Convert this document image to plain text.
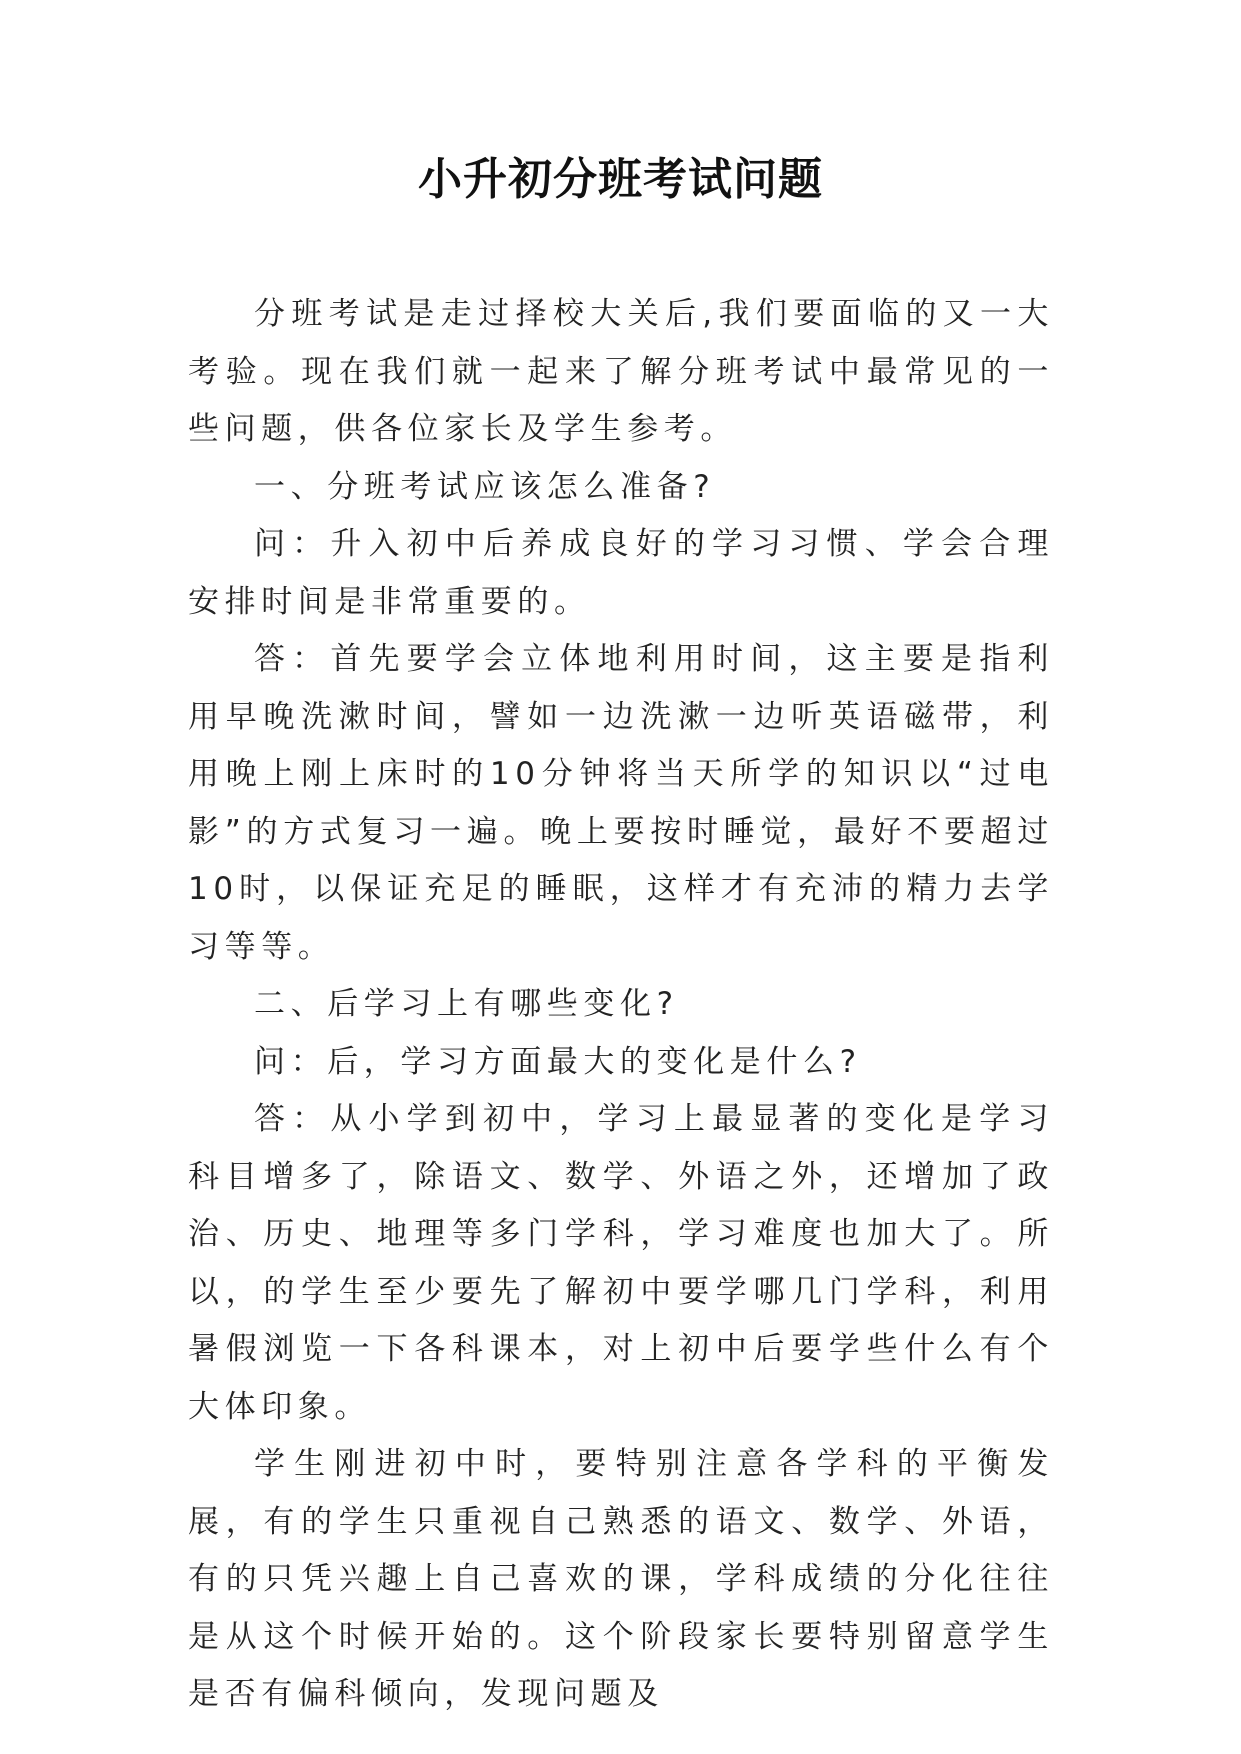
小升初分班考试问题

分班考试是走过择校大关后,我们要面临的又一大考验。现在我们就一起来了解分班考试中最常见的一些问题，供各位家长及学生参考。

一、分班考试应该怎么准备?

问：升入初中后养成良好的学习习惯、学会合理安排时间是非常重要的。

答：首先要学会立体地利用时间，这主要是指利用早晚洗漱时间，譬如一边洗漱一边听英语磁带，利用晚上刚上床时的10分钟将当天所学的知识以“过电影”的方式复习一遍。晚上要按时睡觉，最好不要超过10时，以保证充足的睡眠，这样才有充沛的精力去学习等等。

二、后学习上有哪些变化?

问：后，学习方面最大的变化是什么?

答：从小学到初中，学习上最显著的变化是学习科目增多了，除语文、数学、外语之外，还增加了政治、历史、地理等多门学科，学习难度也加大了。所以，的学生至少要先了解初中要学哪几门学科，利用暑假浏览一下各科课本，对上初中后要学些什么有个大体印象。

学生刚进初中时，要特别注意各学科的平衡发展，有的学生只重视自己熟悉的语文、数学、外语，有的只凭兴趣上自己喜欢的课，学科成绩的分化往往是从这个时候开始的。这个阶段家长要特别留意学生是否有偏科倾向，发现问题及
